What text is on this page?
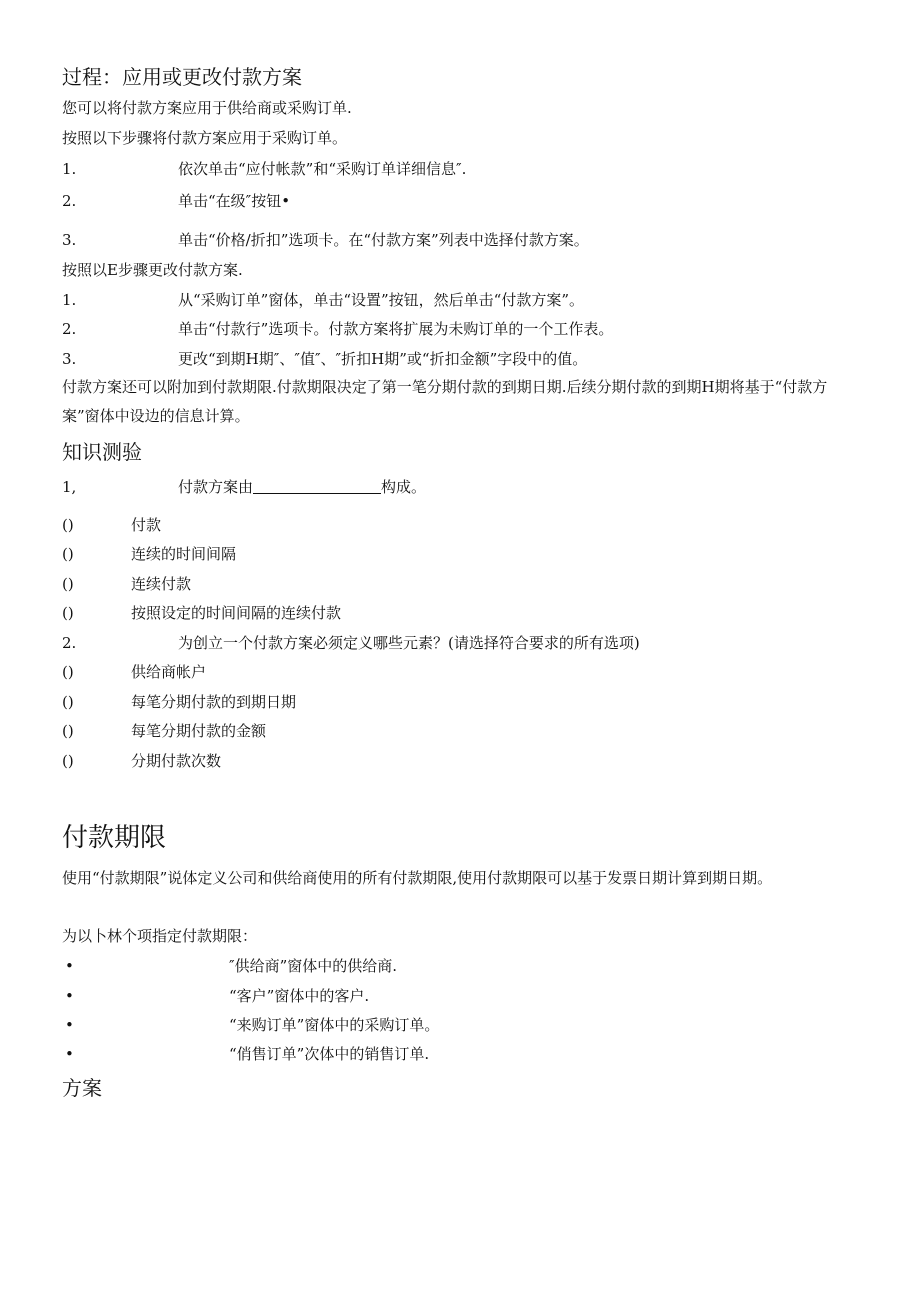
过程：应用或更改付款方案
您可以将付款方案应用于供给商或采购订单.
按照以下步骤将付款方案应用于采购订单。
1.	依次单击“应付帐款”和“采购订单详细信息″.
2.	单击“在级″按钮•
3.	单击“价格/折扣”选项卡。在“付款方案”列表中选择付款方案。
按照以E步骤更改付款方案.
1.	从“采购订单”窗体，单击“设置”按钮，然后单击“付款方案”。
2.	单击“付款行”选项卡。付款方案将扩展为未购订单的一个工作表。
3.	更改“到期H期″、″值″、″折扣H期”或“折扣金额”字段中的值。
付款方案还可以附加到付款期限.付款期限决定了第一笔分期付款的到期日期.后续分期付款的到期H期将基于“付款方案”窗体中设边的信息计算。
知识测验
1,	付款方案由	构成。
()	付款
()	连续的时间间隔
()	连续付款
()	按照设定的时间间隔的连续付款
2.	为创立一个付款方案必须定义哪些元素？(请选择符合要求的所有选项)
()	供给商帐户
()	每笔分期付款的到期日期
()	每笔分期付款的金额
()	分期付款次数
付款期限
使用“付款期限”说体定义公司和供给商使用的所有付款期限,使用付款期限可以基于发票日期计算到期日期。
为以卜林个项指定付款期限：
•	″供给商”窗体中的供给商.
•	“客户”窗体中的客户.
•	“来购订单”窗体中的采购订单。
•	“俏售订单”次体中的销售订单.
方案
